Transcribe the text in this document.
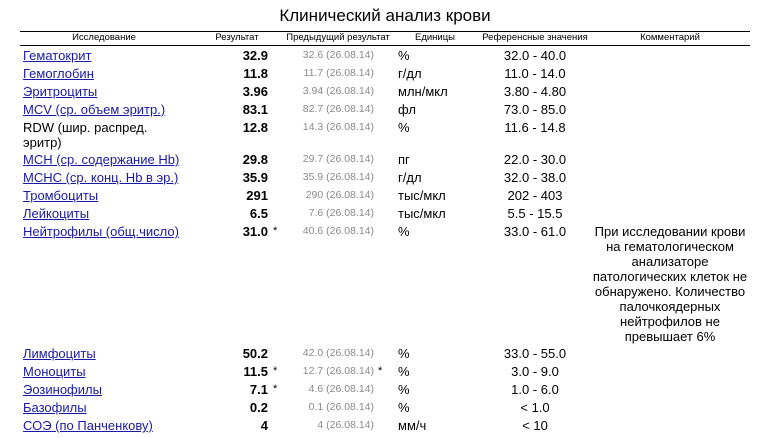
Клинический анализ крови
Исследование	Результат		Предыдущий результат		Единицы	Референсные значения	Комментарий
Гематокрит	32.9		32.6 (26.08.14)		%	32.0 - 40.0	
Гемоглобин	11.8		11.7 (26.08.14)		г/дл	11.0 - 14.0	
Эритроциты	3.96		3.94 (26.08.14)		млн/мкл	3.80 - 4.80	
MCV (ср. объем эритр.)	83.1		82.7 (26.08.14)		фл	73.0 - 85.0	
RDW (шир. распред. эритр)	12.8		14.3 (26.08.14)		%	11.6 - 14.8	
MCH (ср. содержание Hb)	29.8		29.7 (26.08.14)		пг	22.0 - 30.0	
MCHC (ср. конц. Hb в эр.)	35.9		35.9 (26.08.14)		г/дл	32.0 - 38.0	
Тромбоциты	291		290 (26.08.14)		тыс/мкл	202 - 403	
Лейкоциты	6.5		7.6 (26.08.14)		тыс/мкл	5.5 - 15.5	
Нейтрофилы (общ.число)	31.0	*	40.6 (26.08.14)		%	33.0 - 61.0	При исследовании крови на гематологическом анализаторе патологических клеток не обнаружено. Количество палочкоядерных нейтрофилов не превышает 6%
Лимфоциты	50.2		42.0 (26.08.14)		%	33.0 - 55.0	
Моноциты	11.5	*	12.7 (26.08.14)	*	%	3.0 - 9.0	
Эозинофилы	7.1	*	4.6 (26.08.14)		%	1.0 - 6.0	
Базофилы	0.2		0.1 (26.08.14)		%	< 1.0	
СОЭ (по Панченкову)	4		4 (26.08.14)		мм/ч	< 10	
